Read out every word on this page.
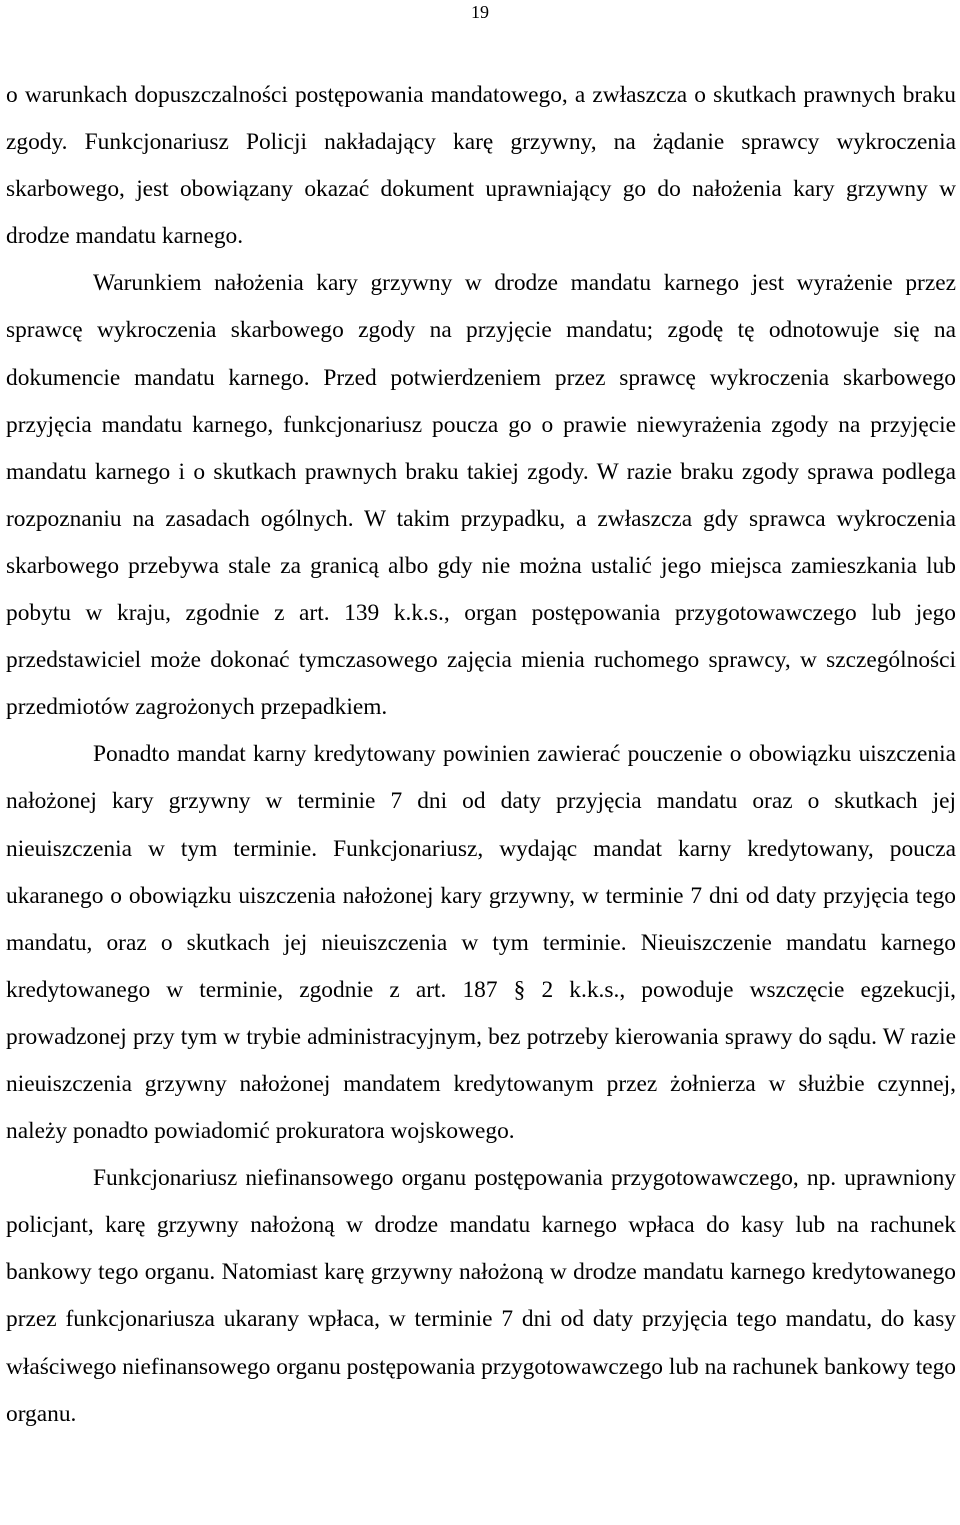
19

o warunkach dopuszczalności postępowania mandatowego, a zwłaszcza o skutkach prawnych braku zgody. Funkcjonariusz Policji nakładający karę grzywny, na żądanie sprawcy wykroczenia skarbowego, jest obowiązany okazać dokument uprawniający go do nałożenia kary grzywny w drodze mandatu karnego.

Warunkiem nałożenia kary grzywny w drodze mandatu karnego jest wyrażenie przez sprawcę wykroczenia skarbowego zgody na przyjęcie mandatu; zgodę tę odnotowuje się na dokumencie mandatu karnego. Przed potwierdzeniem przez sprawcę wykroczenia skarbowego przyjęcia mandatu karnego, funkcjonariusz poucza go o prawie niewyrażenia zgody na przyjęcie mandatu karnego i o skutkach prawnych braku takiej zgody. W razie braku zgody sprawa podlega rozpoznaniu na zasadach ogólnych. W takim przypadku, a zwłaszcza gdy sprawca wykroczenia skarbowego przebywa stale za granicą albo gdy nie można ustalić jego miejsca zamieszkania lub pobytu w kraju, zgodnie z art. 139 k.k.s., organ postępowania przygotowawczego lub jego przedstawiciel może dokonać tymczasowego zajęcia mienia ruchomego sprawcy, w szczególności przedmiotów zagrożonych przepadkiem.

Ponadto mandat karny kredytowany powinien zawierać pouczenie o obowiązku uiszczenia nałożonej kary grzywny w terminie 7 dni od daty przyjęcia mandatu oraz o skutkach jej nieuiszczenia w tym terminie. Funkcjonariusz, wydając mandat karny kredytowany, poucza ukaranego o obowiązku uiszczenia nałożonej kary grzywny, w terminie 7 dni od daty przyjęcia tego mandatu, oraz o skutkach jej nieuiszczenia w tym terminie. Nieuiszczenie mandatu karnego kredytowanego w terminie, zgodnie z art. 187 § 2 k.k.s., powoduje wszczęcie egzekucji, prowadzonej przy tym w trybie administracyjnym, bez potrzeby kierowania sprawy do sądu. W razie nieuiszczenia grzywny nałożonej mandatem kredytowanym przez żołnierza w służbie czynnej, należy ponadto powiadomić prokuratora wojskowego.

Funkcjonariusz niefinansowego organu postępowania przygotowawczego, np. uprawniony policjant, karę grzywny nałożoną w drodze mandatu karnego wpłaca do kasy lub na rachunek bankowy tego organu. Natomiast karę grzywny nałożoną w drodze mandatu karnego kredytowanego przez funkcjonariusza ukarany wpłaca, w terminie 7 dni od daty przyjęcia tego mandatu, do kasy właściwego niefinansowego organu postępowania przygotowawczego lub na rachunek bankowy tego organu.
